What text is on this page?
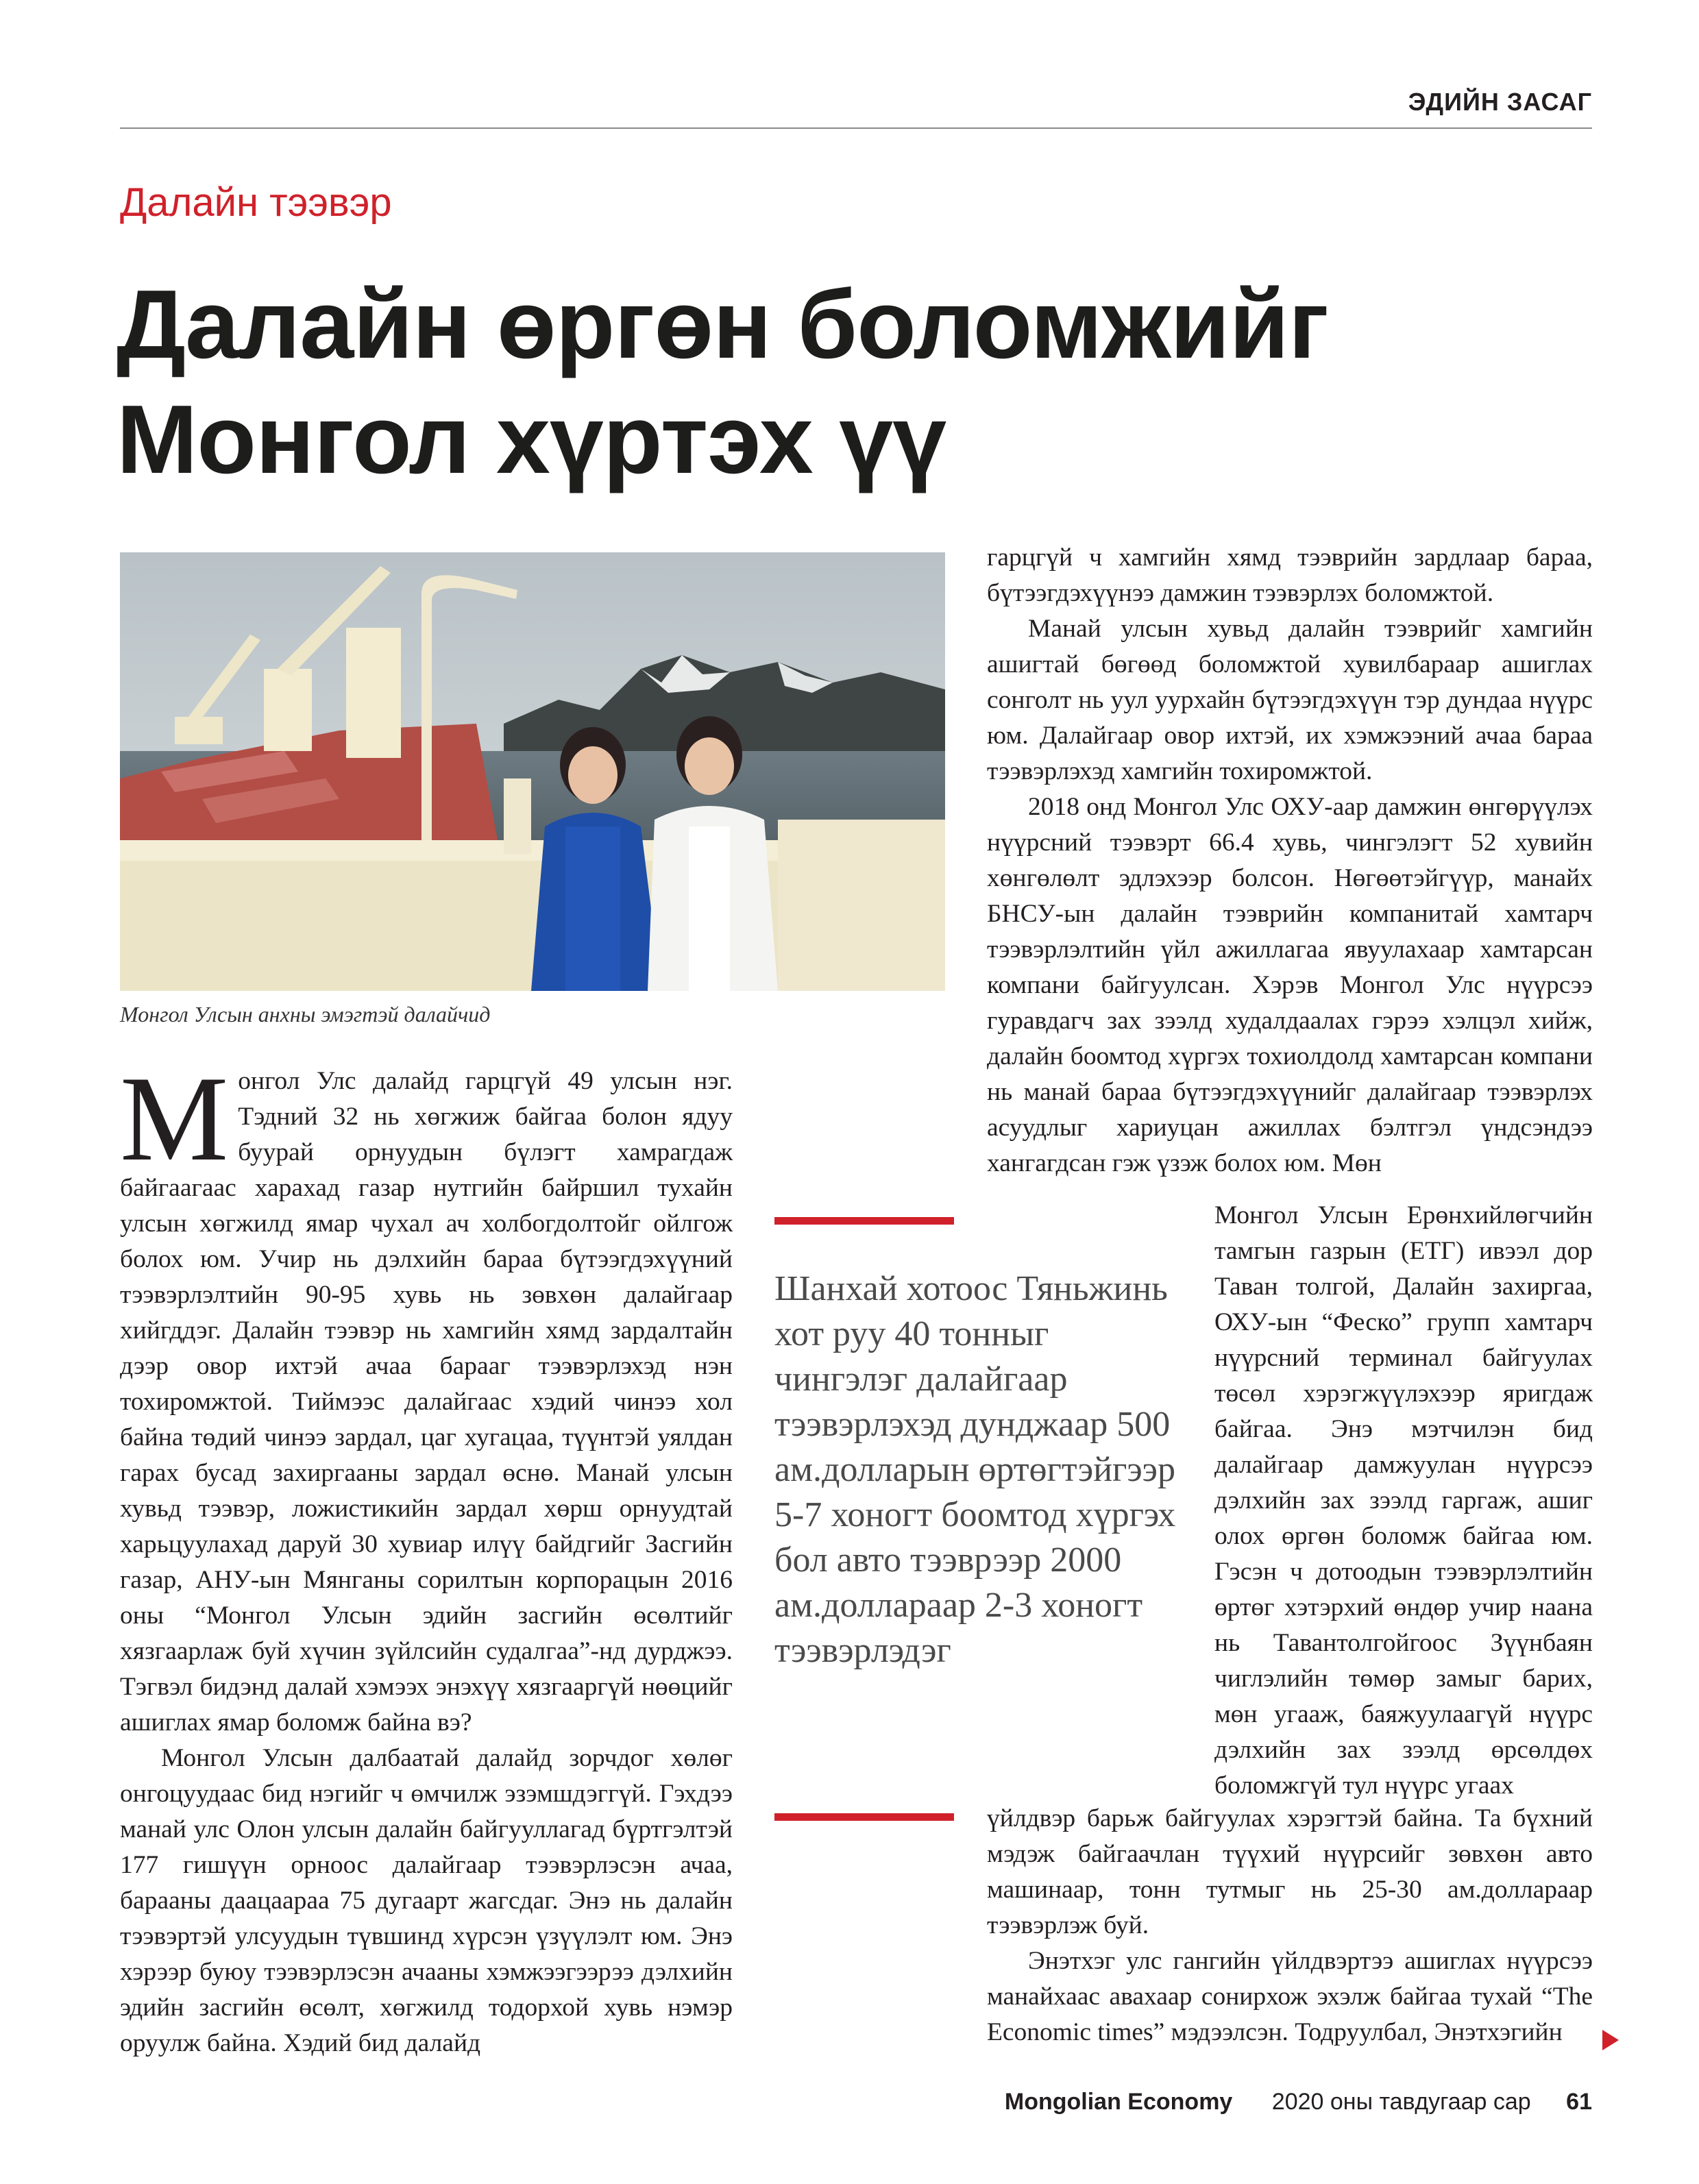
ЭДИЙН ЗАСАГ
Далайн тээвэр
Далайн өргөн боломжийг
Монгол хүртэх үү
Монгол Улсын анхны эмэгтэй далайчид

Монгол Улс далайд гарцгүй 49 улсын нэг. Тэдний 32 нь хөгжиж байгаа болон ядуу буурай орнуудын бүлэгт хамрагдаж байгаагаас харахад газар нутгийн байршил тухайн улсын хөгжилд ямар чухал ач холбогдолтойг ойлгож болох юм. Учир нь дэлхийн бараа бүтээгдэхүүний тээвэрлэлтийн 90-95 хувь нь зөвхөн далайгаар хийгддэг. Далайн тээвэр нь хамгийн хямд зардалтайн дээр овор ихтэй ачаа барааг тээвэрлэхэд нэн тохиромжтой. Тиймээс далайгаас хэдий чинээ хол байна төдий чинээ зардал, цаг хугацаа, түүнтэй уялдан гарах бусад захиргааны зардал өснө. Манай улсын хувьд тээвэр, ложистикийн зардал хөрш орнуудтай харьцуулахад даруй 30 хувиар илүү байдгийг Засгийн газар, АНУ-ын Мянганы сорилтын корпорацын 2016 оны “Монгол Улсын эдийн засгийн өсөлтийг хязгаарлаж буй хүчин зүйлсийн судалгаа”-нд дурджээ. Тэгвэл бидэнд далай хэмээх энэхүү хязгааргүй нөөцийг ашиглах ямар боломж байна вэ?

Монгол Улсын далбаатай далайд зорчдог хөлөг онгоцуудаас бид нэгийг ч өмчилж эзэмшдэггүй. Гэхдээ манай улс Олон улсын далайн байгууллагад бүртгэлтэй 177 гишүүн орноос далайгаар тээвэрлэсэн ачаа, барааны даацаараа 75 дугаарт жагсдаг. Энэ нь далайн тээвэртэй улсуудын түвшинд хүрсэн үзүүлэлт юм. Энэ хэрээр буюу тээвэрлэсэн ачааны хэмжээгээрээ дэлхийн эдийн засгийн өсөлт, хөгжилд тодорхой хувь нэмэр оруулж байна. Хэдий бид далайд

гарцгүй ч хамгийн хямд тээврийн зардлаар бараа, бүтээгдэхүүнээ дамжин тээвэрлэх боломжтой.

Манай улсын хувьд далайн тээврийг хамгийн ашигтай бөгөөд боломжтой хувилбараар ашиглах сонголт нь уул уурхайн бүтээгдэхүүн тэр дундаа нүүрс юм. Далайгаар овор ихтэй, их хэмжээний ачаа бараа тээвэрлэхэд хамгийн тохиромжтой.

2018 онд Монгол Улс ОХУ-аар дамжин өнгөрүүлэх нүүрсний тээвэрт 66.4 хувь, чингэлэгт 52 хувийн хөнгөлөлт эдлэхээр болсон. Нөгөөтэйгүүр, манайх БНСУ-ын далайн тээврийн компанитай хамтарч тээвэрлэлтийн үйл ажиллагаа явуулахаар хамтарсан компани байгуулсан. Хэрэв Монгол Улс нүүрсээ гуравдагч зах зээлд худалдаалах гэрээ хэлцэл хийж, далайн боомтод хүргэх тохиолдолд хамтарсан компани нь манай бараа бүтээгдэхүүнийг далайгаар тээвэрлэх асуудлыг хариуцан ажиллах бэлтгэл үндсэндээ хангагдсан гэж үзэж болох юм. Мөн

Шанхай хотоос Тяньжинь хот руу 40 тонныг чингэлэг далайгаар тээвэрлэхэд дунджаар 500 ам.долларын өртөгтэйгээр 5-7 хоногт боомтод хүргэх бол авто тээврээр 2000 ам.доллараар 2-3 хоногт тээвэрлэдэг

Монгол Улсын Ерөнхийлөгчийн тамгын газрын (ЕТГ) ивээл дор Таван толгой, Далайн захиргаа, ОХУ-ын “Феско” групп хамтарч нүүрсний терминал байгуулах төсөл хэрэгжүүлэхээр яригдаж байгаа. Энэ мэтчилэн бид далайгаар дамжуулан нүүрсээ дэлхийн зах зээлд гаргаж, ашиг олох өргөн боломж байгаа юм. Гэсэн ч дотоодын тээвэрлэлтийн өртөг хэтэрхий өндөр учир наана нь Тавантолгойгоос Зүүнбаян чиглэлийн төмөр замыг барих, мөн угааж, баяжуулаагүй нүүрс дэлхийн зах зээлд өрсөлдөх боломжгүй тул нүүрс угаах

үйлдвэр барьж байгуулах хэрэгтэй байна. Та бүхний мэдэж байгаачлан түүхий нүүрсийг зөвхөн авто машинаар, тонн тутмыг нь 25-30 ам.доллараар тээвэрлэж буй.

Энэтхэг улс гангийн үйлдвэртээ ашиглах нүүрсээ манайхаас авахаар сонирхож эхэлж байгаа тухай “The Economic times” мэдээлсэн. Тодруулбал, Энэтхэгийн

Mongolian Economy 2020 оны тавдугаар сар 61
